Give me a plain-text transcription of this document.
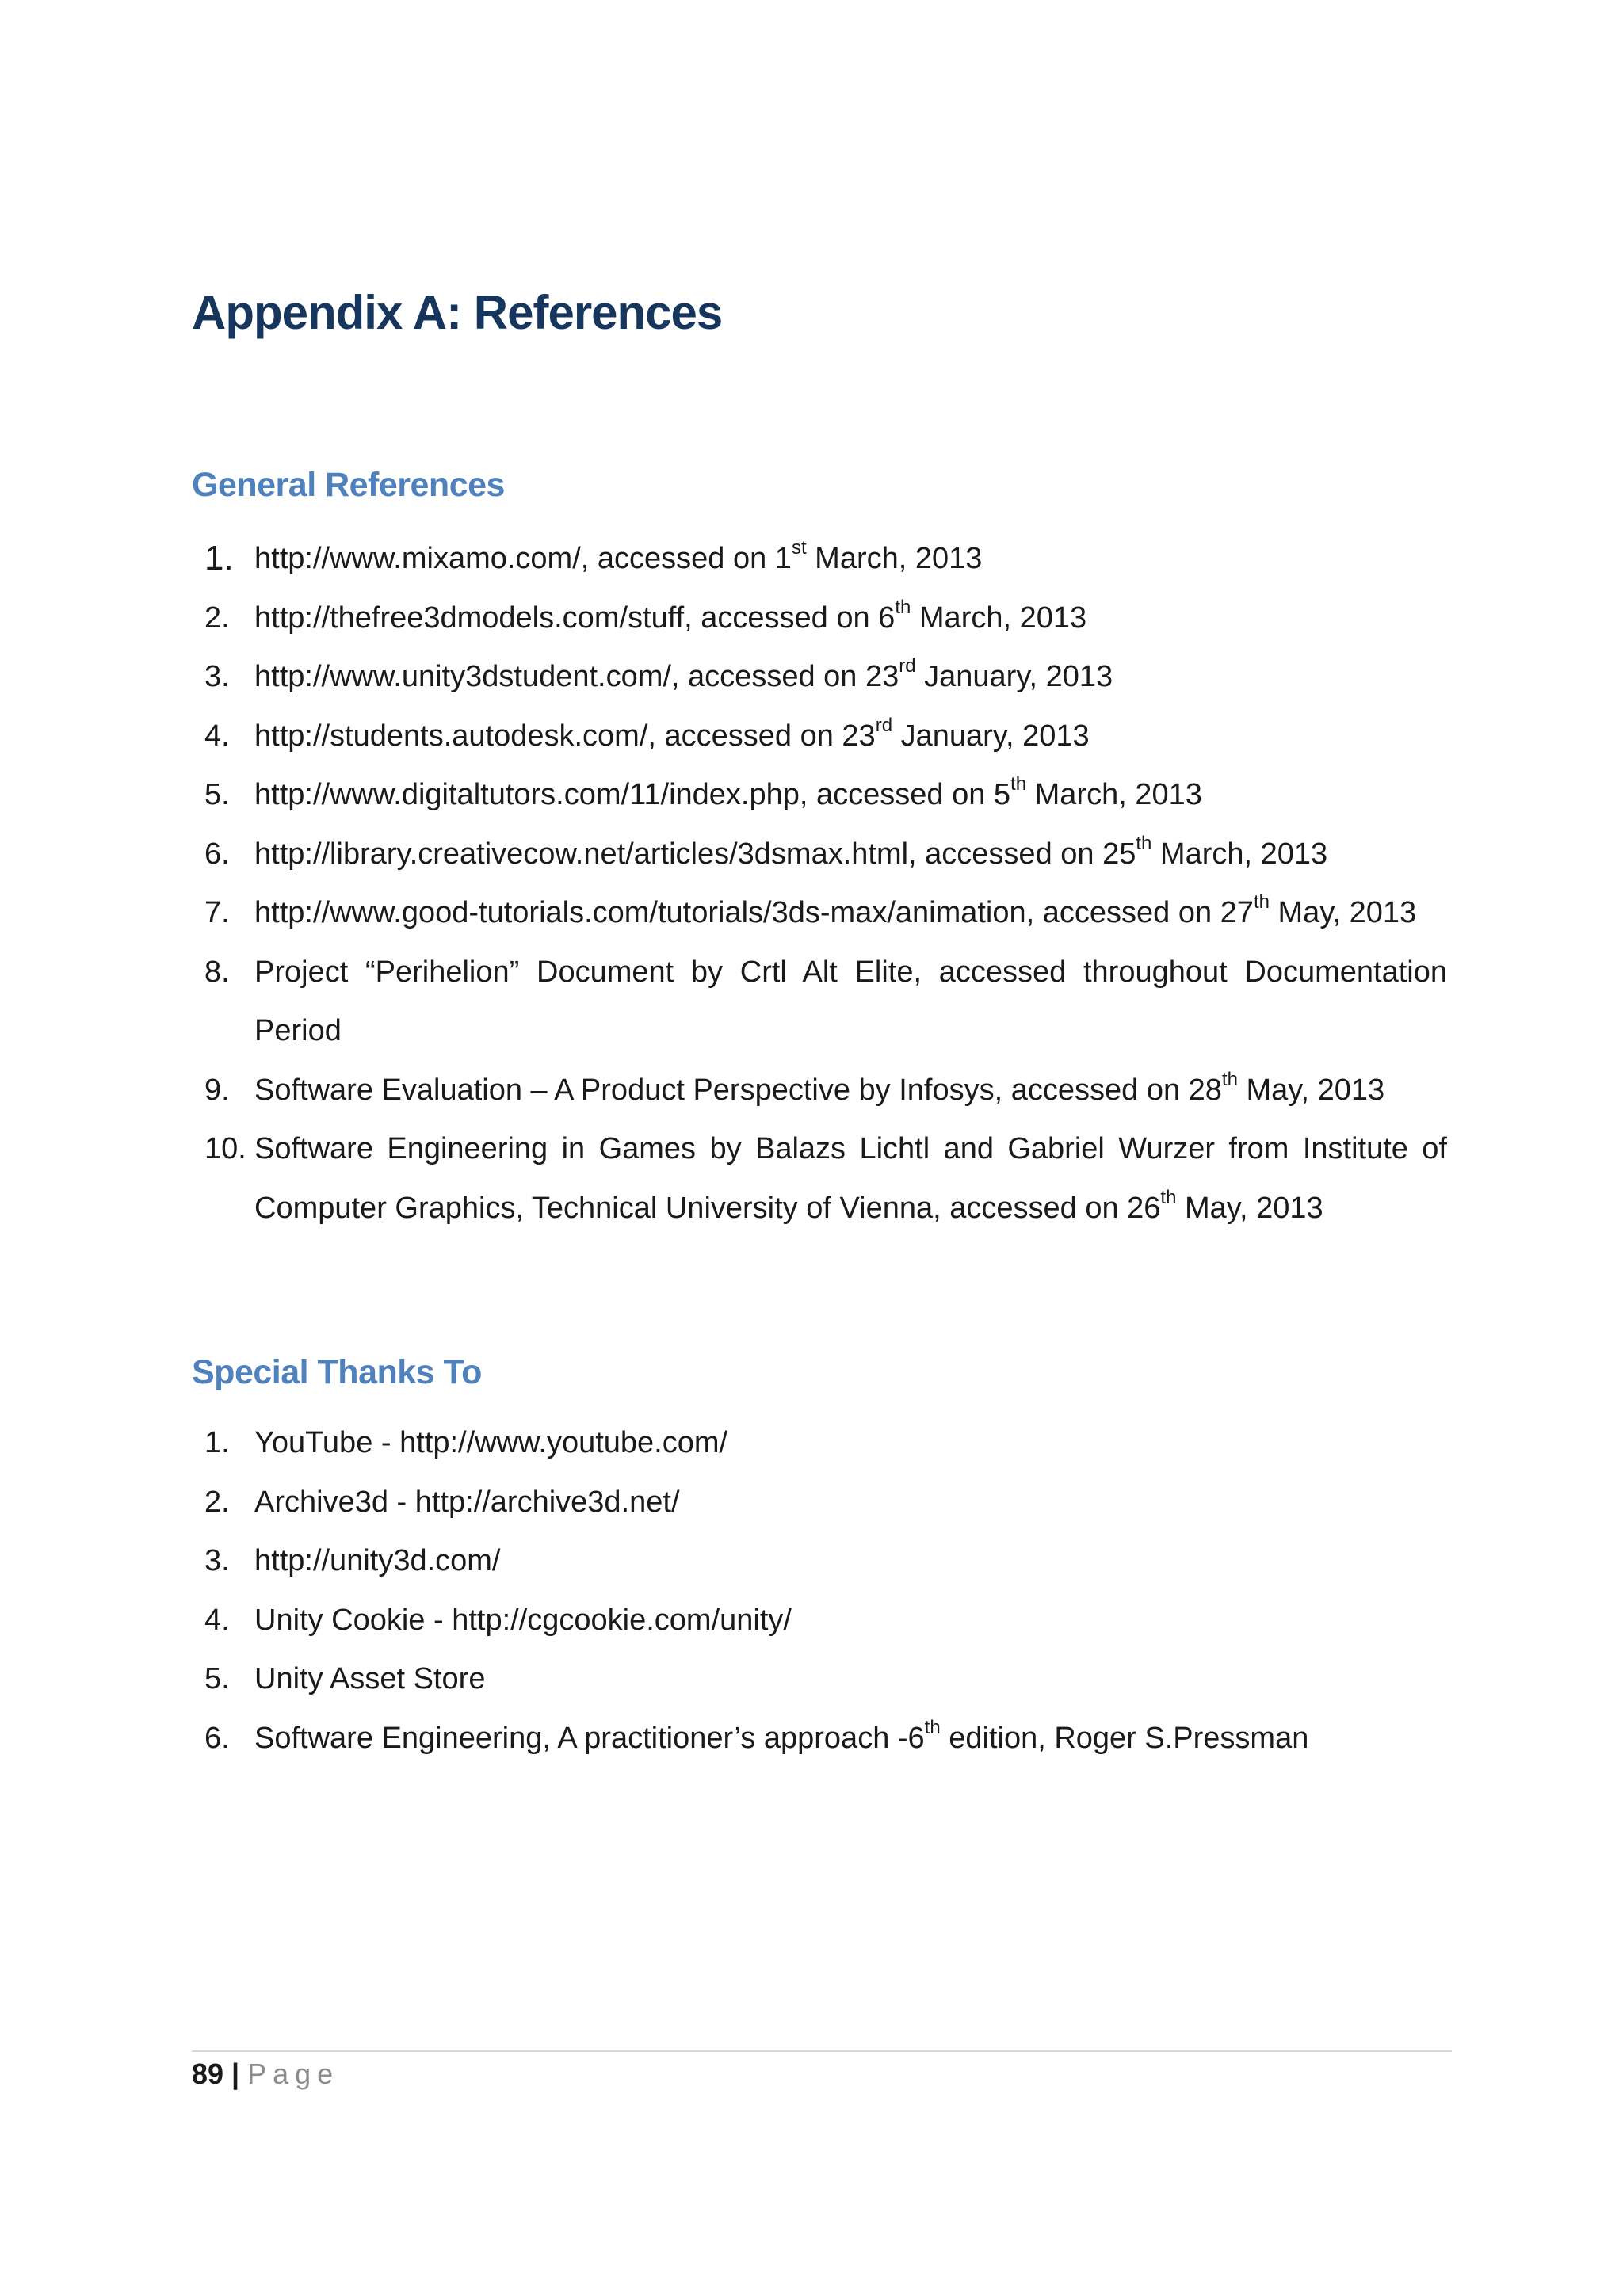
Appendix A: References
General References
1. http://www.mixamo.com/, accessed on 1st March, 2013
2. http://thefree3dmodels.com/stuff, accessed on 6th March, 2013
3. http://www.unity3dstudent.com/, accessed on 23rd January, 2013
4. http://students.autodesk.com/, accessed on 23rd January, 2013
5. http://www.digitaltutors.com/11/index.php, accessed on 5th March, 2013
6. http://library.creativecow.net/articles/3dsmax.html, accessed on 25th March, 2013
7. http://www.good-tutorials.com/tutorials/3ds-max/animation, accessed on 27th May, 2013
8. Project “Perihelion” Document by Crtl Alt Elite, accessed throughout Documentation Period
9. Software Evaluation – A Product Perspective by Infosys, accessed on 28th May, 2013
10. Software Engineering in Games by Balazs Lichtl and Gabriel Wurzer from Institute of Computer Graphics, Technical University of Vienna, accessed on 26th May, 2013
Special Thanks To
1. YouTube - http://www.youtube.com/
2. Archive3d - http://archive3d.net/
3. http://unity3d.com/
4. Unity Cookie - http://cgcookie.com/unity/
5. Unity Asset Store
6. Software Engineering, A practitioner’s approach -6th edition, Roger S.Pressman
89 | Page
